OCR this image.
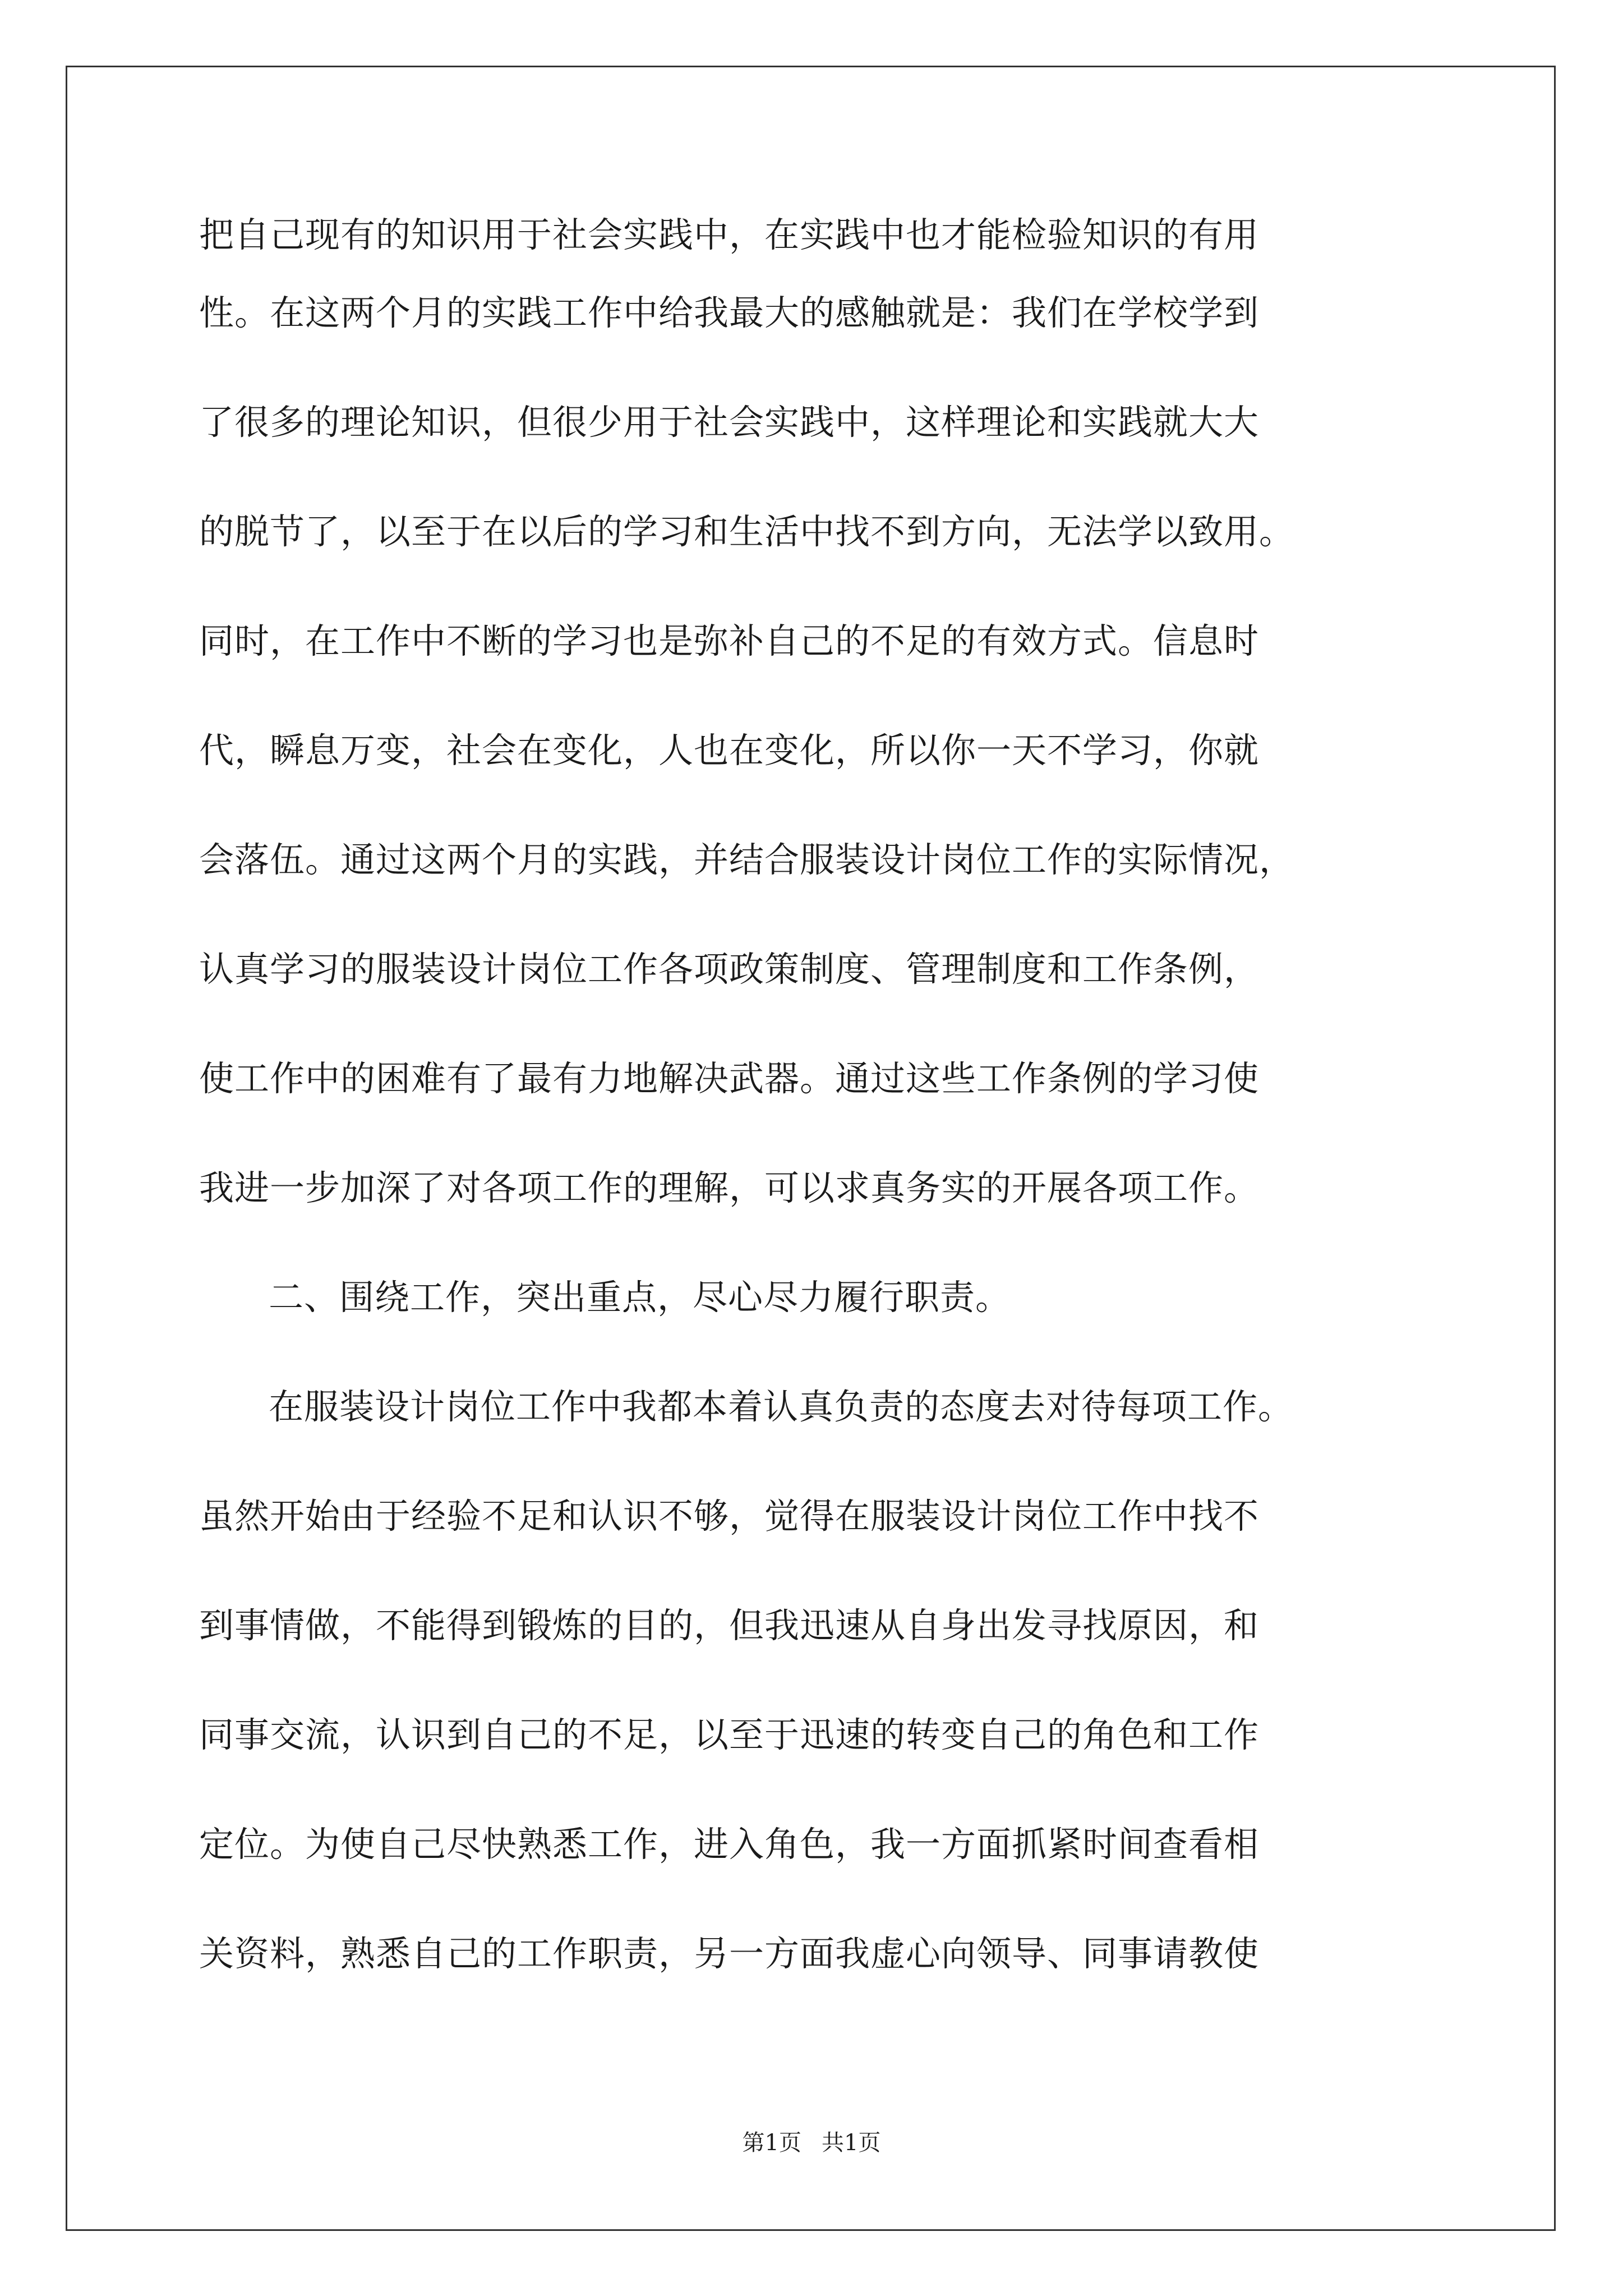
把自己现有的知识用于社会实践中，在实践中也才能检验知识的有用
性。在这两个月的实践工作中给我最大的感触就是：我们在学校学到
了很多的理论知识，但很少用于社会实践中，这样理论和实践就大大
的脱节了，以至于在以后的学习和生活中找不到方向，无法学以致用。
同时，在工作中不断的学习也是弥补自己的不足的有效方式。信息时
代，瞬息万变，社会在变化，人也在变化，所以你一天不学习，你就
会落伍。通过这两个月的实践，并结合服装设计岗位工作的实际情况，
认真学习的服装设计岗位工作各项政策制度、管理制度和工作条例，
使工作中的困难有了最有力地解决武器。通过这些工作条例的学习使
我进一步加深了对各项工作的理解，可以求真务实的开展各项工作。
二、围绕工作，突出重点，尽心尽力履行职责。
在服装设计岗位工作中我都本着认真负责的态度去对待每项工作。
虽然开始由于经验不足和认识不够，觉得在服装设计岗位工作中找不
到事情做，不能得到锻炼的目的，但我迅速从自身出发寻找原因，和
同事交流，认识到自己的不足，以至于迅速的转变自己的角色和工作
定位。为使自己尽快熟悉工作，进入角色，我一方面抓紧时间查看相
关资料，熟悉自己的工作职责，另一方面我虚心向领导、同事请教使
第1页 共1页
